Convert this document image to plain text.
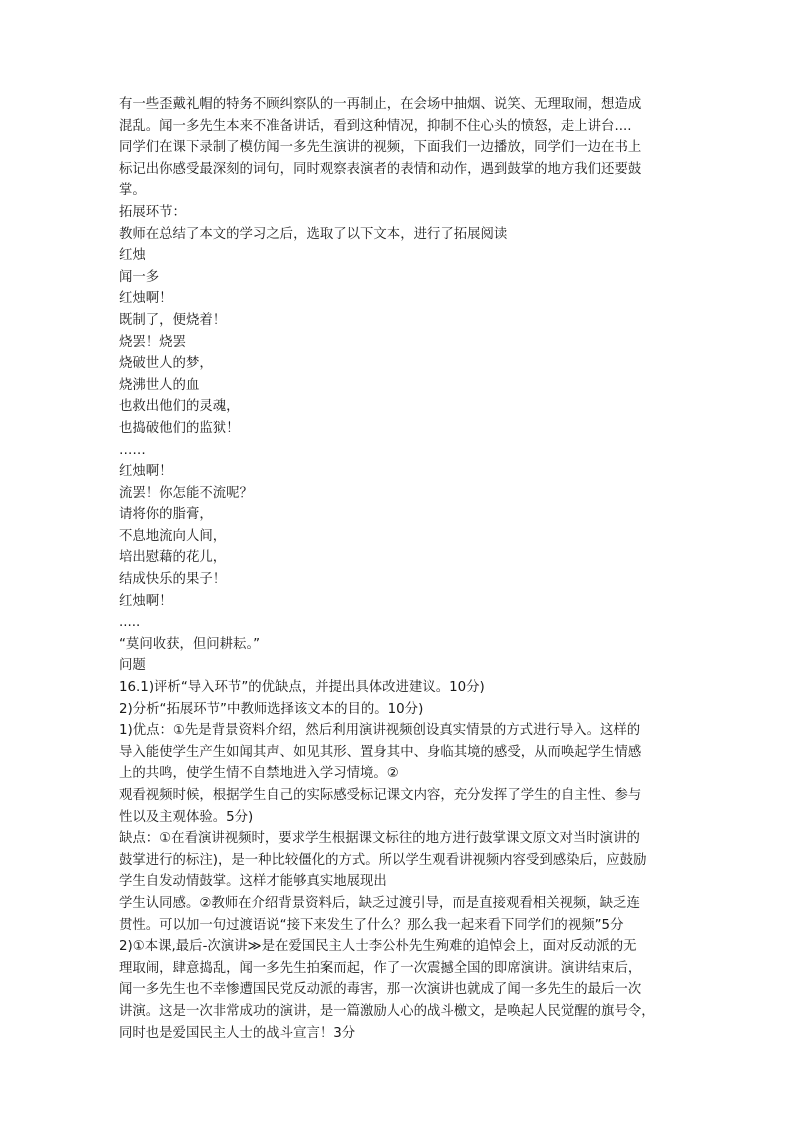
有一些歪戴礼帽的特务不顾纠察队的一再制止，在会场中抽烟、说笑、无理取闹，想造成

混乱。闻一多先生本来不准备讲话，看到这种情况，抑制不住心头的愤怒，走上讲台....

同学们在课下录制了模仿闻一多先生演讲的视频，下面我们一边播放，同学们一边在书上

标记出你感受最深刻的词句，同时观察表演者的表情和动作，遇到鼓掌的地方我们还要鼓

掌。

拓展环节：

教师在总结了本文的学习之后，选取了以下文本，进行了拓展阅读

红烛

闻一多

红烛啊！

既制了，便烧着！

烧罢！烧罢

烧破世人的梦，

烧沸世人的血

也救出他们的灵魂，

也捣破他们的监狱！

……

红烛啊！

流罢！你怎能不流呢？

请将你的脂膏，

不息地流向人间，

培出慰藉的花儿，

结成快乐的果子！

红烛啊！

.....

“莫问收获，但问耕耘。”

问题

16.1)评析“导入环节”的优缺点，并提出具体改进建议。10分)

2)分析“拓展环节”中教师选择该文本的目的。10分)

1)优点：①先是背景资料介绍，然后利用演讲视频创设真实情景的方式进行导入。这样的

导入能使学生产生如闻其声、如见其形、置身其中、身临其境的感受，从而唤起学生情感

上的共鸣，使学生情不自禁地进入学习情境。②

观看视频时候，根据学生自己的实际感受标记课文内容，充分发挥了学生的自主性、参与

性以及主观体验。5分)

缺点：①在看演讲视频时，要求学生根据课文标往的地方进行鼓掌课文原文对当时演讲的

鼓掌进行的标注)，是一种比较僵化的方式。所以学生观看讲视频内容受到感染后，应鼓励

学生自发动情鼓掌。这样才能够真实地展现出

学生认同感。②教师在介绍背景资料后，缺乏过渡引导，而是直接观看相关视频，缺乏连

贯性。可以加一句过渡语说“接下来发生了什么？那么我一起来看下同学们的视频”5分

2)①本课,最后-次演讲≫是在爱国民主人士李公朴先生殉难的追悼会上，面对反动派的无

理取闹，肆意捣乱，闻一多先生拍案而起，作了一次震撼全国的即席演讲。演讲结束后，

闻一多先生也不幸惨遭国民党反动派的毒害，那一次演讲也就成了闻一多先生的最后一次

讲演。这是一次非常成功的演讲，是一篇激励人心的战斗檄文，是唤起人民觉醒的旗号令，

同时也是爱国民主人士的战斗宣言！3分
